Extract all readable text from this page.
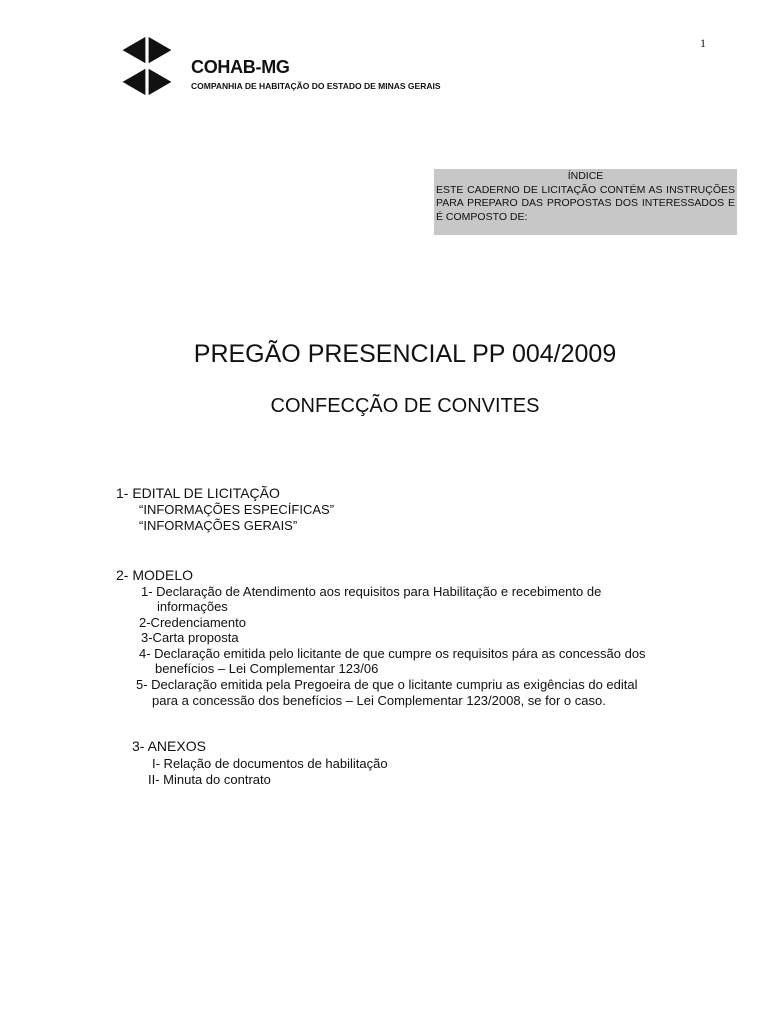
1
COHAB-MG
COMPANHIA DE HABITAÇÃO DO ESTADO DE MINAS GERAIS
ÍNDICE
ESTE CADERNO DE LICITAÇÃO CONTÉM AS INSTRUÇÕES PARA PREPARO DAS PROPOSTAS DOS INTERESSADOS E É COMPOSTO DE:
PREGÃO PRESENCIAL PP 004/2009
CONFECÇÃO DE CONVITES
1- EDITAL DE LICITAÇÃO
“INFORMAÇÕES ESPECÍFICAS”
“INFORMAÇÕES GERAIS”
2- MODELO
1- Declaração de Atendimento aos requisitos para Habilitação e recebimento de
informações
2-Credenciamento
3-Carta proposta
4- Declaração emitida pelo licitante de que cumpre os requisitos pára as concessão dos
benefícios – Lei Complementar 123/06
5- Declaração emitida pela Pregoeira de que o licitante cumpriu as exigências do edital
para a concessão dos benefícios – Lei Complementar 123/2008, se for o caso.
3- ANEXOS
I- Relação de documentos de habilitação
II- Minuta do contrato
